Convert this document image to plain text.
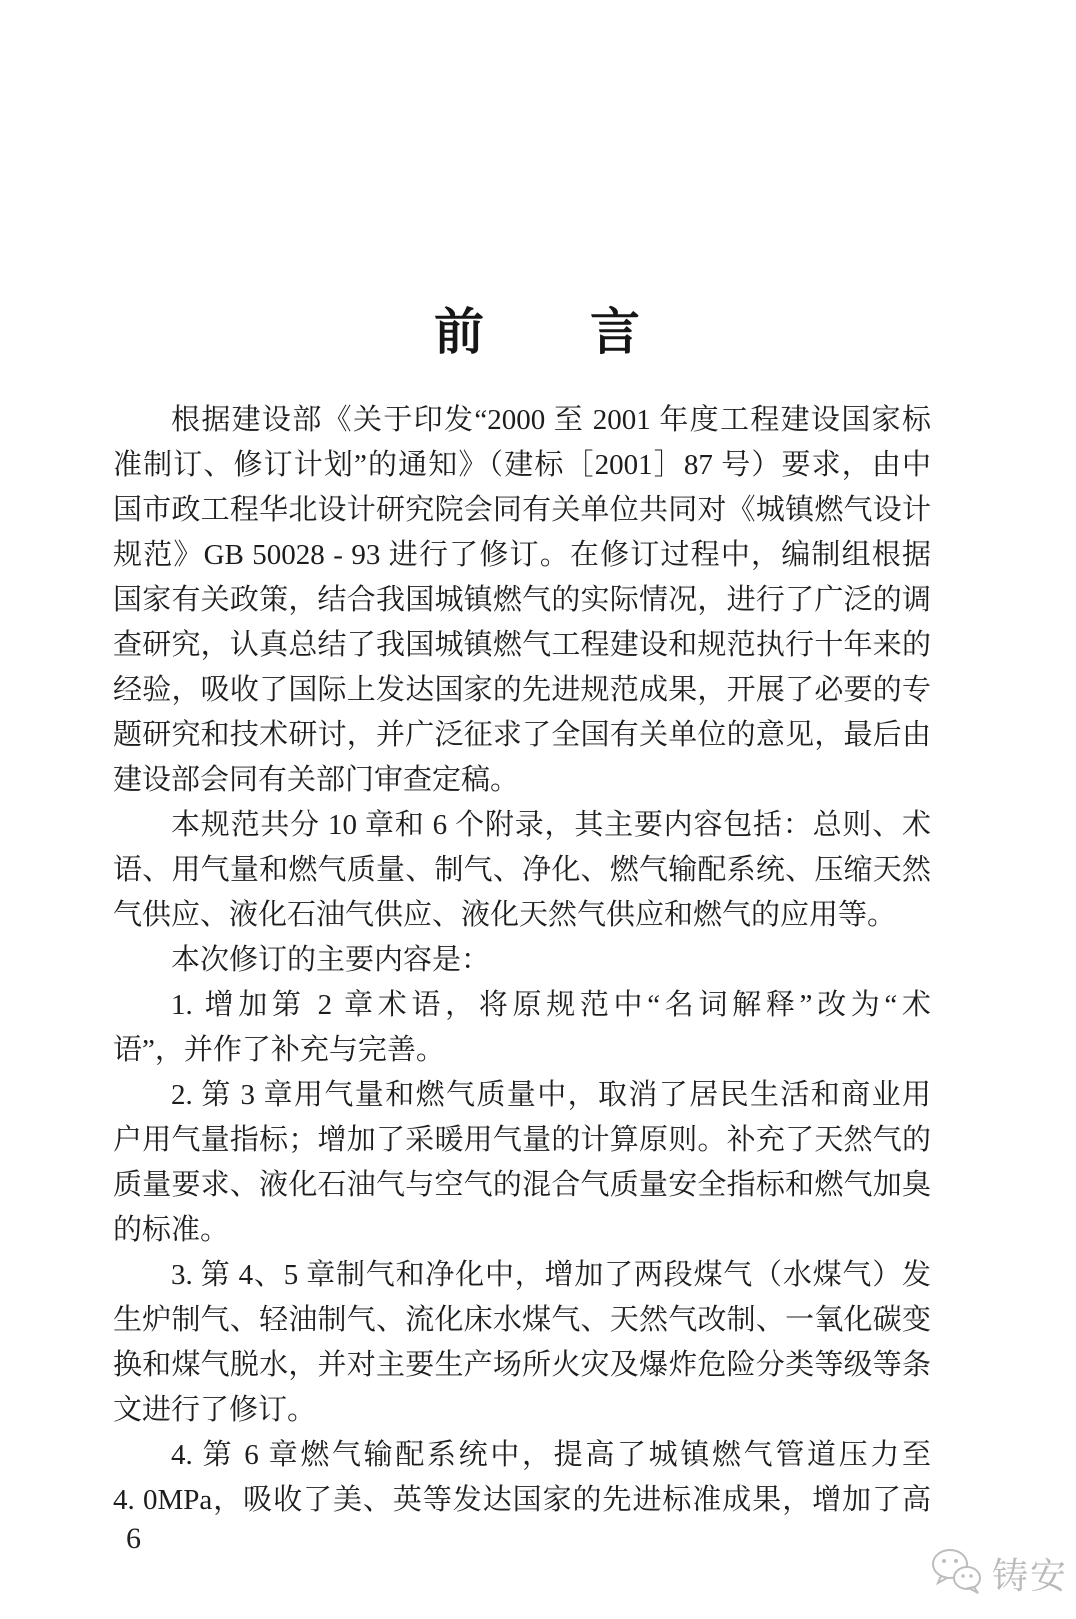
前　　言
根据建设部《关于印发“2000 至 2001 年度工程建设国家标
准制订、修订计划”的通知》（建标［2001］87 号）要求，由中
国市政工程华北设计研究院会同有关单位共同对《城镇燃气设计
规范》GB 50028 - 93 进行了修订。在修订过程中，编制组根据
国家有关政策，结合我国城镇燃气的实际情况，进行了广泛的调
查研究，认真总结了我国城镇燃气工程建设和规范执行十年来的
经验，吸收了国际上发达国家的先进规范成果，开展了必要的专
题研究和技术研讨，并广泛征求了全国有关单位的意见，最后由
建设部会同有关部门审查定稿。
本规范共分 10 章和 6 个附录，其主要内容包括：总则、术
语、用气量和燃气质量、制气、净化、燃气输配系统、压缩天然
气供应、液化石油气供应、液化天然气供应和燃气的应用等。
本次修订的主要内容是：
1. 增加第 2 章术语，将原规范中“名词解释”改为“术
语”，并作了补充与完善。
2. 第 3 章用气量和燃气质量中，取消了居民生活和商业用
户用气量指标；增加了采暖用气量的计算原则。补充了天然气的
质量要求、液化石油气与空气的混合气质量安全指标和燃气加臭
的标准。
3. 第 4、5 章制气和净化中，增加了两段煤气（水煤气）发
生炉制气、轻油制气、流化床水煤气、天然气改制、一氧化碳变
换和煤气脱水，并对主要生产场所火灾及爆炸危险分类等级等条
文进行了修订。
4. 第 6 章燃气输配系统中，提高了城镇燃气管道压力至
4. 0MPa，吸收了美、英等发达国家的先进标准成果，增加了高
6
铸安
